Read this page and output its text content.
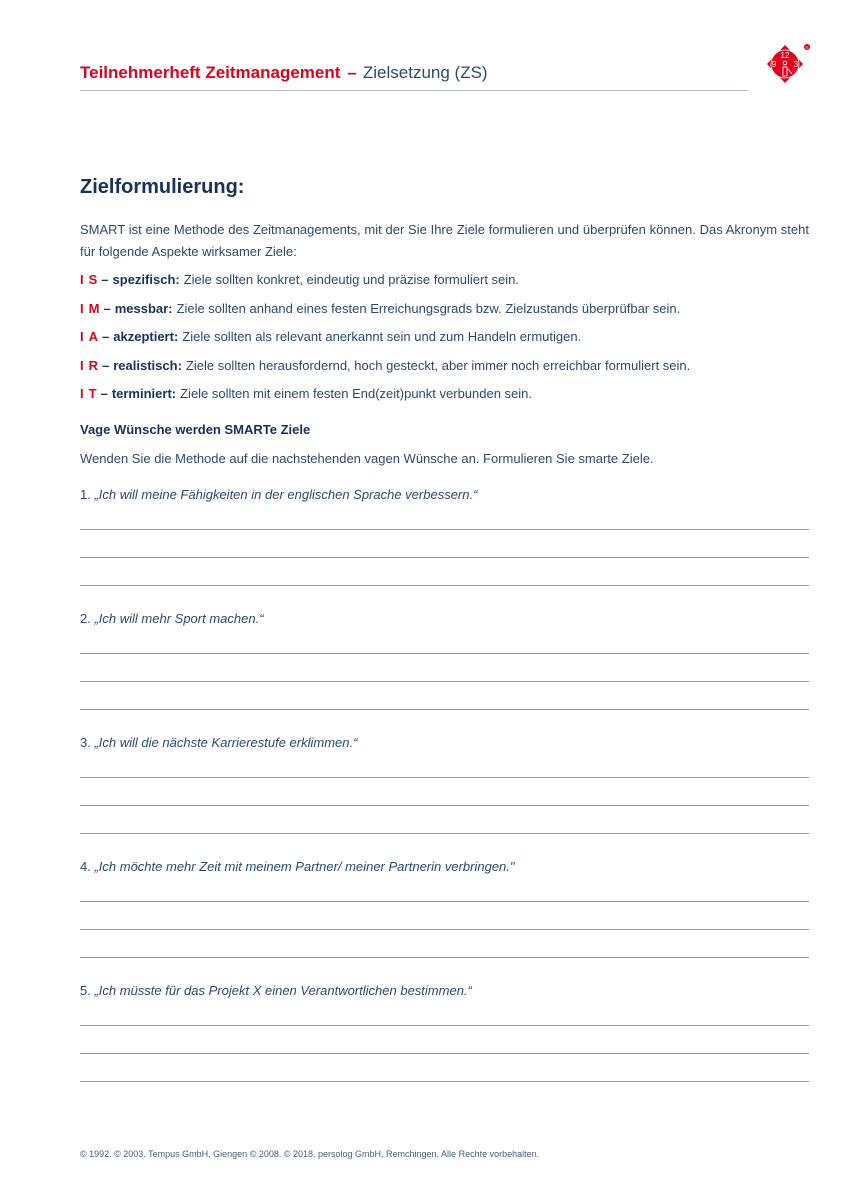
Teilnehmerheft Zeitmanagement – Zielsetzung (ZS)
12
9 3
®
Zielformulierung:
SMART ist eine Methode des Zeitmanagements, mit der Sie Ihre Ziele formulieren und überprüfen können. Das Akronym steht für folgende Aspekte wirksamer Ziele:
I S – spezifisch: Ziele sollten konkret, eindeutig und präzise formuliert sein.
I M – messbar: Ziele sollten anhand eines festen Erreichungsgrads bzw. Zielzustands überprüfbar sein.
I A – akzeptiert: Ziele sollten als relevant anerkannt sein und zum Handeln ermutigen.
I R – realistisch: Ziele sollten herausfordernd, hoch gesteckt, aber immer noch erreichbar formuliert sein.
I T – terminiert: Ziele sollten mit einem festen End(zeit)punkt verbunden sein.
Vage Wünsche werden SMARTe Ziele
Wenden Sie die Methode auf die nachstehenden vagen Wünsche an. Formulieren Sie smarte Ziele.
1. „Ich will meine Fähigkeiten in der englischen Sprache verbessern.“
2. „Ich will mehr Sport machen.“
3. „Ich will die nächste Karrierestufe erklimmen.“
4. „Ich möchte mehr Zeit mit meinem Partner/ meiner Partnerin verbringen."
5. „Ich müsste für das Projekt X einen Verantwortlichen bestimmen.“
© 1992. © 2003. Tempus GmbH, Giengen © 2008. © 2018. persolog GmbH, Remchingen. Alle Rechte vorbehalten.
